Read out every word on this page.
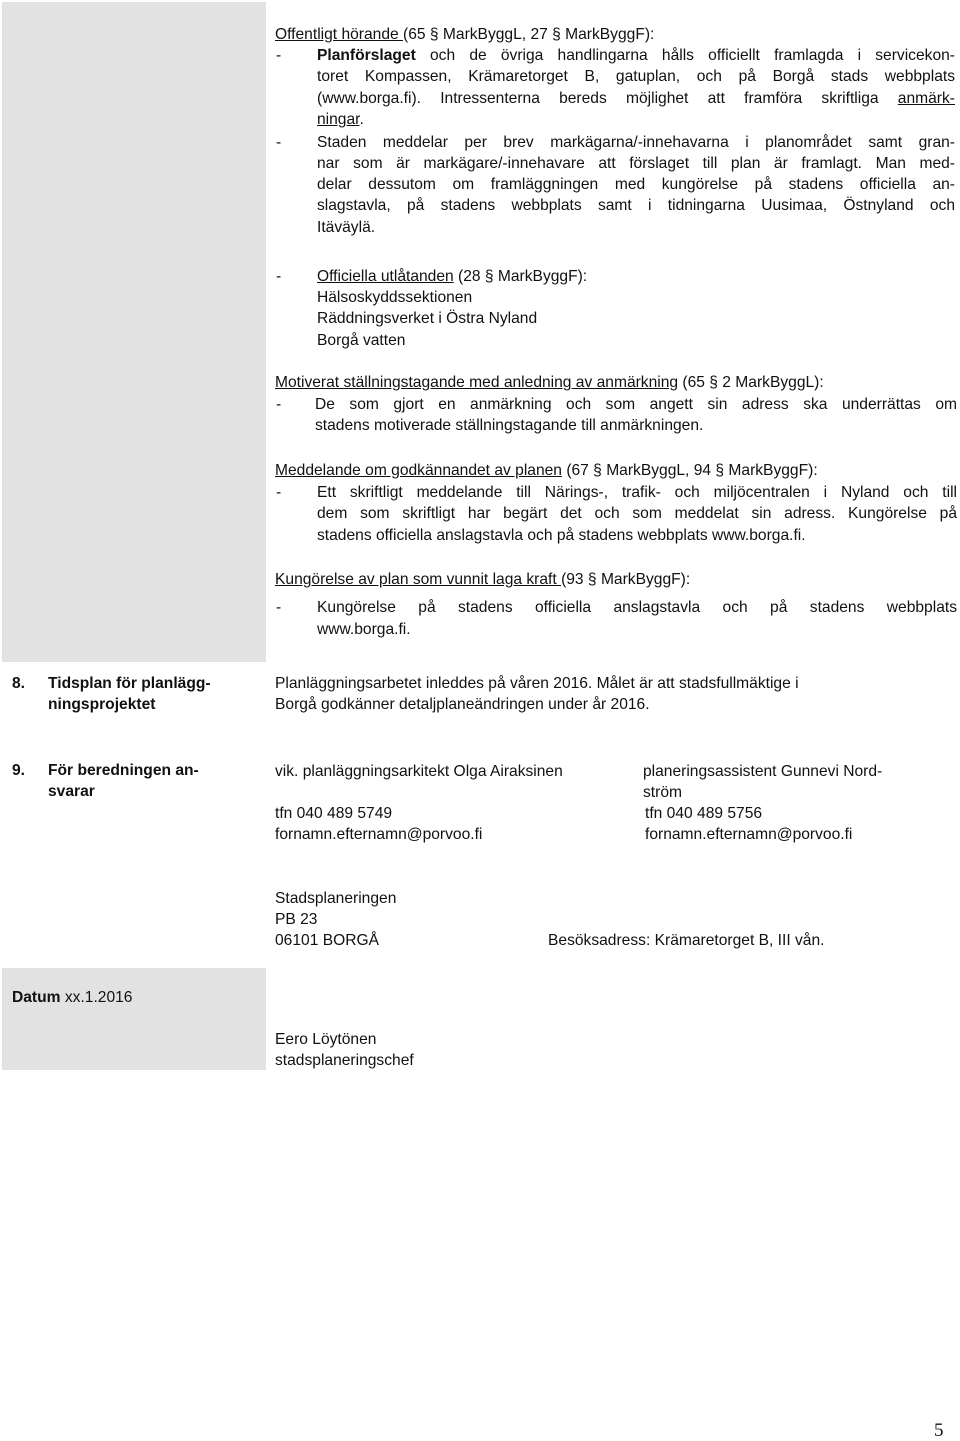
Offentligt hörande (65 § MarkByggL, 27 § MarkByggF):
- Planförslaget och de övriga handlingarna hålls officiellt framlagda i servicekon-
toret Kompassen, Krämaretorget B, gatuplan, och på Borgå stads webbplats
(www.borga.fi). Intressenterna bereds möjlighet att framföra skriftliga anmärk-
ningar.
- Staden meddelar per brev markägarna/-innehavarna i planområdet samt gran-
nar som är markägare/-innehavare att förslaget till plan är framlagt. Man med-
delar dessutom om framläggningen med kungörelse på stadens officiella an-
slagstavla, på stadens webbplats samt i tidningarna Uusimaa, Östnyland och
Itäväylä.
- Officiella utlåtanden (28 § MarkByggF):
Hälsoskyddssektionen
Räddningsverket i Östra Nyland
Borgå vatten
Motiverat ställningstagande med anledning av anmärkning (65 § 2 MarkByggL):
- De som gjort en anmärkning och som angett sin adress ska underrättas om
stadens motiverade ställningstagande till anmärkningen.
Meddelande om godkännandet av planen (67 § MarkByggL, 94 § MarkByggF):
- Ett skriftligt meddelande till Närings-, trafik- och miljöcentralen i Nyland och till
dem som skriftligt har begärt det och som meddelat sin adress. Kungörelse på
stadens officiella anslagstavla och på stadens webbplats www.borga.fi.
Kungörelse av plan som vunnit laga kraft (93 § MarkByggF):
- Kungörelse på stadens officiella anslagstavla och på stadens webbplats
www.borga.fi.
8. Tidsplan för planlägg-
ningsprojektet
Planläggningsarbetet inleddes på våren 2016. Målet är att stadsfullmäktige i
Borgå godkänner detaljplaneändringen under år 2016.
9. För beredningen an-
svarar
vik. planläggningsarkitekt Olga Airaksinen
tfn 040 489 5749
fornamn.efternamn@porvoo.fi
planeringsassistent Gunnevi Nord-
ström
tfn 040 489 5756
fornamn.efternamn@porvoo.fi
Stadsplaneringen
PB 23
06101 BORGÅ	Besöksadress: Krämaretorget B, III vån.
Datum xx.1.2016
Eero Löytönen
stadsplaneringschef
5
